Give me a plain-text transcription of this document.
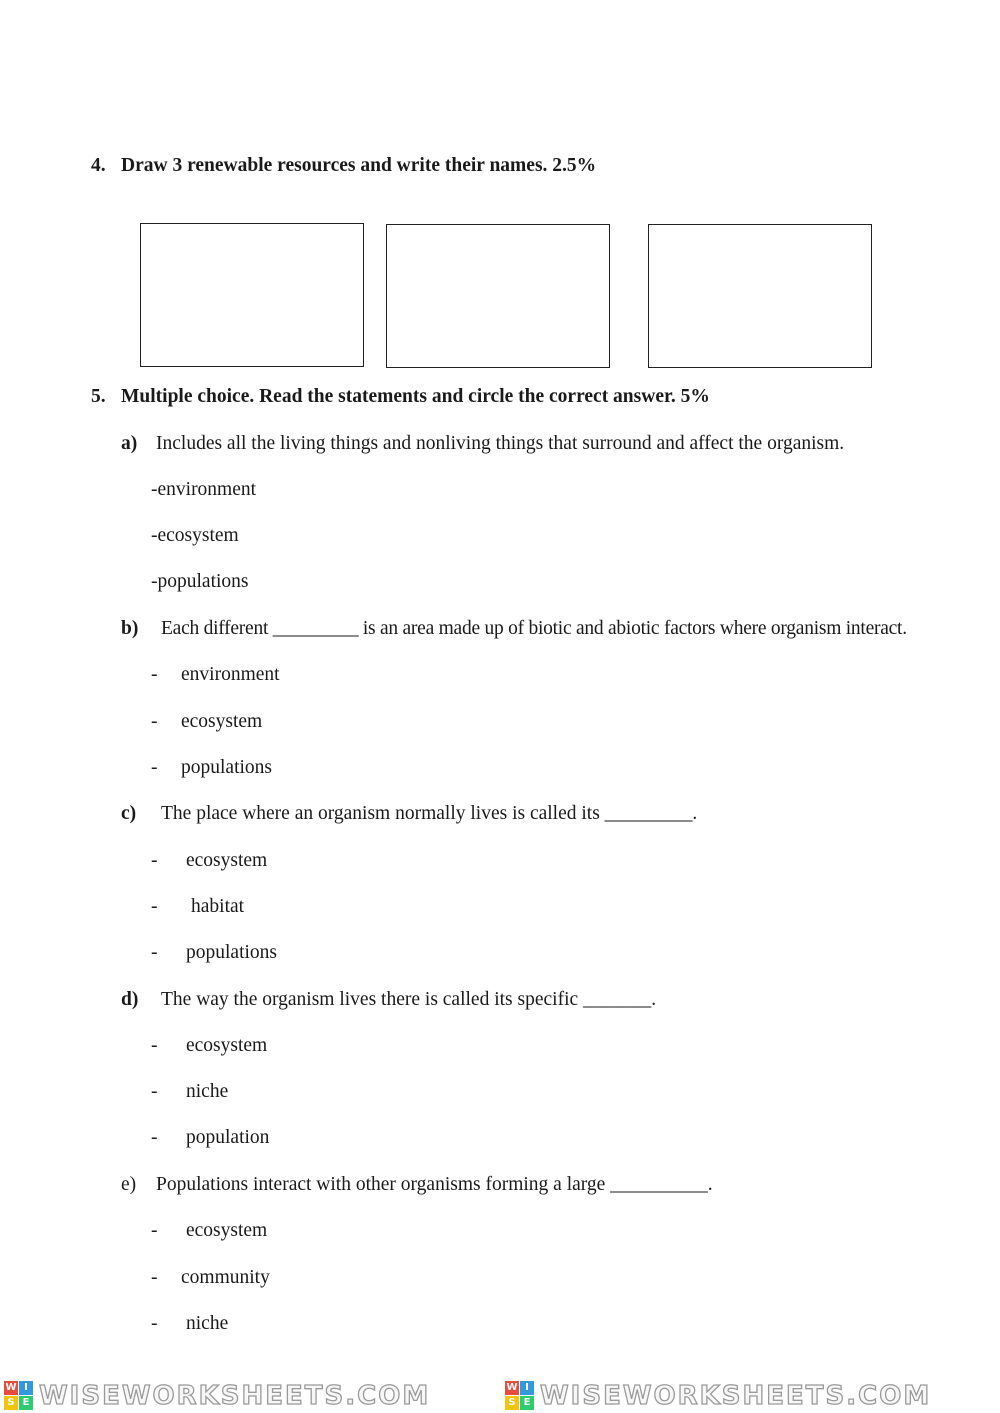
4. Draw 3 renewable resources and write their names. 2.5%
5. Multiple choice. Read the statements and circle the correct answer. 5%
a) Includes all the living things and nonliving things that surround and affect the organism.
-environment
-ecosystem
-populations
b) Each different _________ is an area made up of biotic and abiotic factors where organism interact.
- environment
- ecosystem
- populations
c) The place where an organism normally lives is called its _________.
- ecosystem
- habitat
- populations
d) The way the organism lives there is called its specific _______.
- ecosystem
- niche
- population
e) Populations interact with other organisms forming a large __________.
- ecosystem
- community
- niche
W I
S E WISEWORKSHEETS.COM	W I
S E WISEWORKSHEETS.COM
